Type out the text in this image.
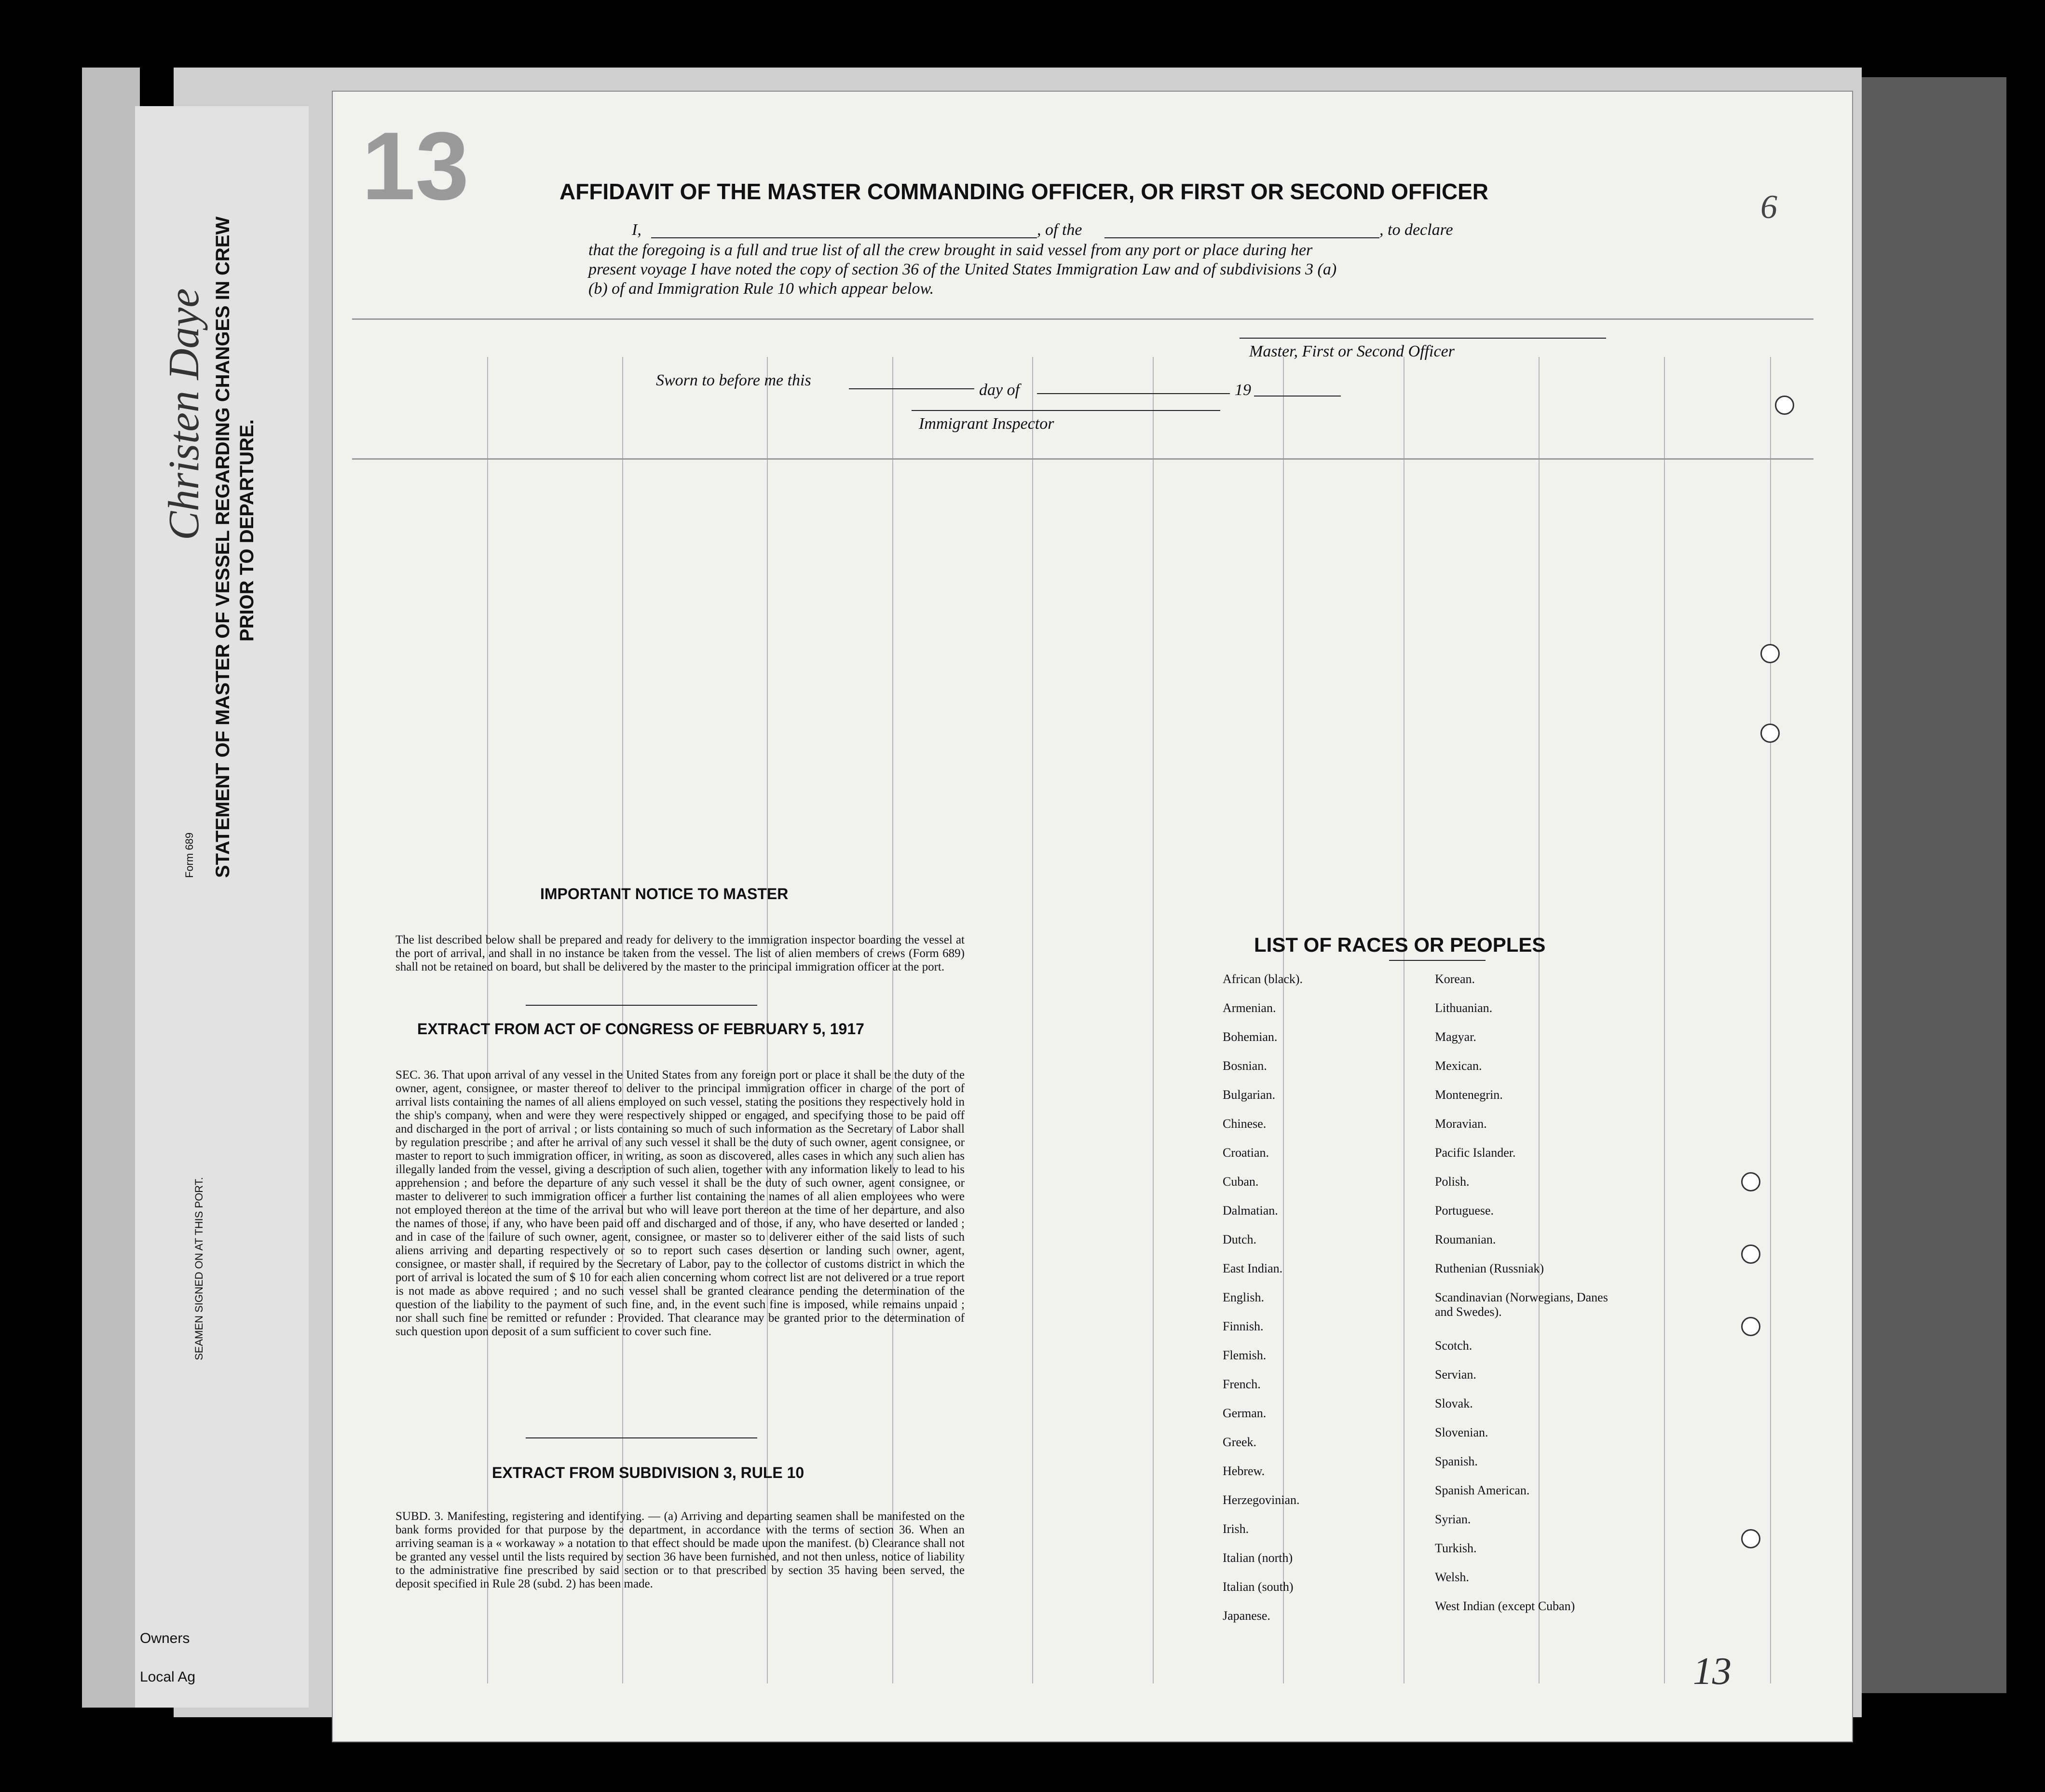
STATEMENT OF MASTER OF VESSEL REGARDING CHANGES IN CREW PRIOR TO DEPARTURE.
Form 689
SEAMEN SIGNED ON AT THIS PORT.
Christen Daye
Owners
Local Ag
13	6
AFFIDAVIT OF THE MASTER COMMANDING OFFICER, OR FIRST OR SECOND OFFICER
I,	, of the	, to declare
that the foregoing is a full and true list of all the crew brought in said vessel from any port or place during her
present voyage I have noted the copy of section 36 of the United States Immigration Law and of subdivisions 3 (a)
(b) of and Immigration Rule 10 which appear below.
Master, First or Second Officer
Sworn to before me this
day of	19
Immigrant Inspector
IMPORTANT NOTICE TO MASTER
The list described below shall be prepared and ready for delivery to the immigration inspector boarding the vessel at the port of arrival, and shall in no instance be taken from the vessel. The list of alien members of crews (Form 689) shall not be retained on board, but shall be delivered by the master to the principal immigration officer at the port.
EXTRACT FROM ACT OF CONGRESS OF FEBRUARY 5, 1917
SEC. 36. That upon arrival of any vessel in the United States from any foreign port or place it shall be the duty of the owner, agent, consignee, or master thereof to deliver to the principal immigration officer in charge of the port of arrival lists containing the names of all aliens employed on such vessel, stating the positions they respectively hold in the ship's company, when and were they were respectively shipped or engaged, and specifying those to be paid off and discharged in the port of arrival ; or lists containing so much of such information as the Secretary of Labor shall by regulation prescribe ; and after he arrival of any such vessel it shall be the duty of such owner, agent consignee, or master to report to such immigration officer, in writing, as soon as discovered, alles cases in which any such alien has illegally landed from the vessel, giving a description of such alien, together with any information likely to lead to his apprehension ; and before the departure of any such vessel it shall be the duty of such owner, agent consignee, or master to deliverer to such immigration officer a further list containing the names of all alien employees who were not employed thereon at the time of the arrival but who will leave port thereon at the time of her departure, and also the names of those, if any, who have been paid off and discharged and of those, if any, who have deserted or landed ; and in case of the failure of such owner, agent, consignee, or master so to deliverer either of the said lists of such aliens arriving and departing respectively or so to report such cases desertion or landing such owner, agent, consignee, or master shall, if required by the Secretary of Labor, pay to the collector of customs district in which the port of arrival is located the sum of $ 10 for each alien concerning whom correct list are not delivered or a true report is not made as above required ; and no such vessel shall be granted clearance pending the determination of the question of the liability to the payment of such fine, and, in the event such fine is imposed, while remains unpaid ; nor shall such fine be remitted or refunder : Provided. That clearance may be granted prior to the determination of such question upon deposit of a sum sufficient to cover such fine.
EXTRACT FROM SUBDIVISION 3, RULE 10
SUBD. 3. Manifesting, registering and identifying. — (a) Arriving and departing seamen shall be manifested on the bank forms provided for that purpose by the department, in accordance with the terms of section 36. When an arriving seaman is a « workaway » a notation to that effect should be made upon the manifest. (b) Clearance shall not be granted any vessel until the lists required by section 36 have been furnished, and not then unless, notice of liability to the administrative fine prescribed by said section or to that prescribed by section 35 having been served, the deposit specified in Rule 28 (subd. 2) has been made.
LIST OF RACES OR PEOPLES
African (black).
Armenian.
Bohemian.
Bosnian.
Bulgarian.
Chinese.
Croatian.
Cuban.
Dalmatian.
Dutch.
East Indian.
English.
Finnish.
Flemish.
French.
German.
Greek.
Hebrew.
Herzegovinian.
Irish.
Italian (north)
Italian (south)
Japanese.
Korean.
Lithuanian.
Magyar.
Mexican.
Montenegrin.
Moravian.
Pacific Islander.
Polish.
Portuguese.
Roumanian.
Ruthenian (Russniak)
Scandinavian (Norwegians, Danes and Swedes).
Scotch.
Servian.
Slovak.
Slovenian.
Spanish.
Spanish American.
Syrian.
Turkish.
Welsh.
West Indian (except Cuban)
13
